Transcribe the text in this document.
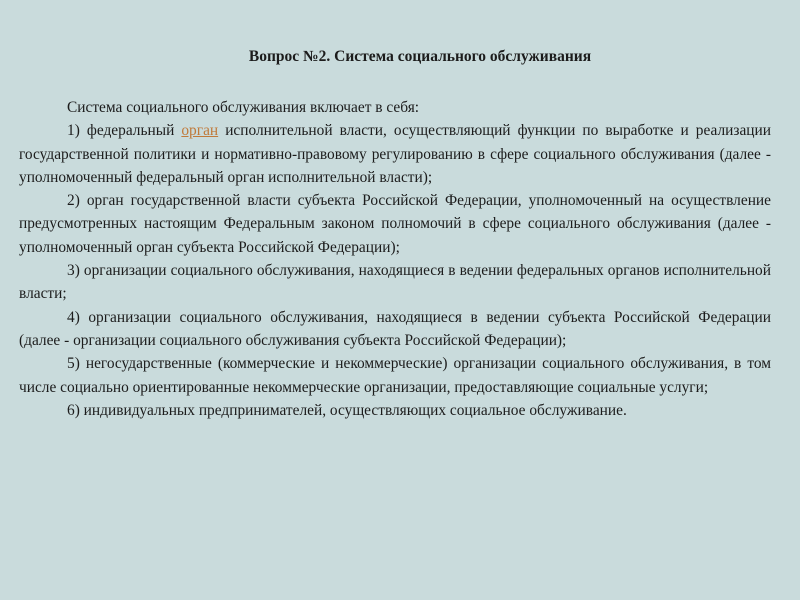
Вопрос №2. Система социального обслуживания

Система социального обслуживания включает в себя:

1) федеральный орган исполнительной власти, осуществляющий функции по выработке и реализации государственной политики и нормативно-правовому регулированию в сфере социального обслуживания (далее - уполномоченный федеральный орган исполнительной власти);

2) орган государственной власти субъекта Российской Федерации, уполномоченный на осуществление предусмотренных настоящим Федеральным законом полномочий в сфере социального обслуживания (далее - уполномоченный орган субъекта Российской Федерации);

3) организации социального обслуживания, находящиеся в ведении федеральных органов исполнительной власти;

4) организации социального обслуживания, находящиеся в ведении субъекта Российской Федерации (далее - организации социального обслуживания субъекта Российской Федерации);

5) негосударственные (коммерческие и некоммерческие) организации социального обслуживания, в том числе социально ориентированные некоммерческие организации, предоставляющие социальные услуги;

6) индивидуальных предпринимателей, осуществляющих социальное обслуживание.
